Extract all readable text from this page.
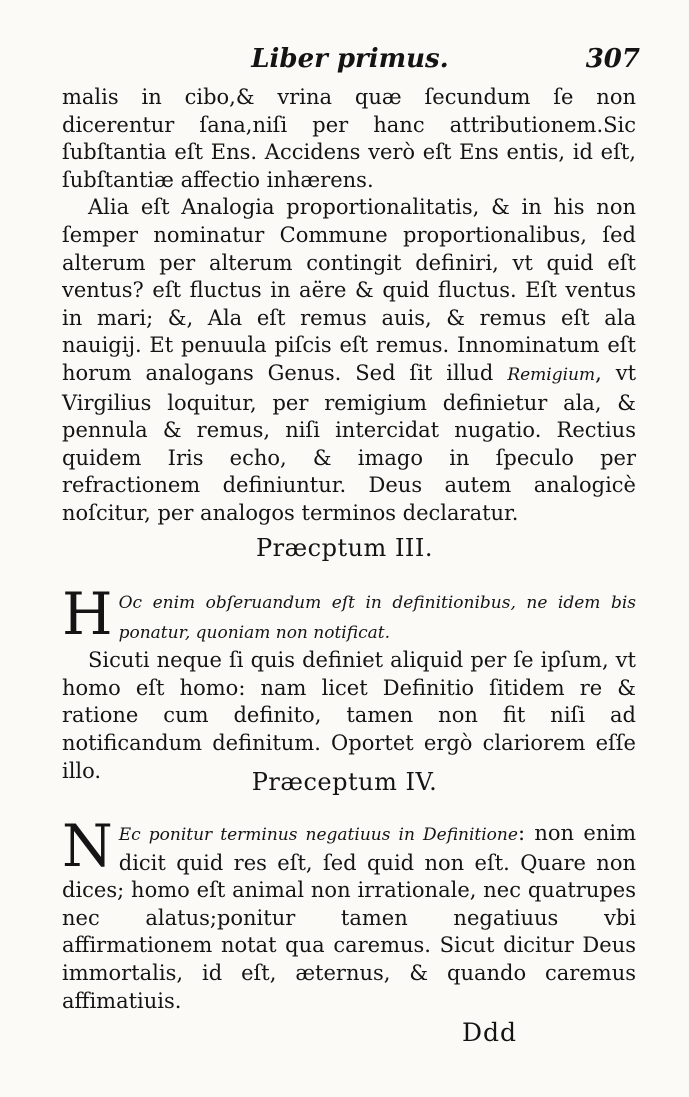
Liber primus.	307

malis in cibo,& vrina quæ ſecundum ſe non dicerentur ſana,niſi per hanc attributionem.Sic ſubſtantia eſt Ens. Accidens verò eſt Ens entis, id eſt, ſubſtantiæ affectio inhærens.

Alia eſt Analogia proportionalitatis, & in his non ſemper nominatur Commune proportionalibus, ſed alterum per alterum contingit definiri, vt quid eſt ventus? eſt fluctus in aëre & quid fluctus. Eſt ventus in mari; &, Ala eſt remus auis, & remus eſt ala nauigij. Et penuula piſcis eſt remus. Innominatum eſt horum analogans Genus. Sed ſit illud Remigium, vt Virgilius loquitur, per remigium definietur ala, & pennula & remus, niſi intercidat nugatio. Rectius quidem Iris echo, & imago in ſpeculo per refractionem definiuntur. Deus autem analogicè noſcitur, per analogos terminos declaratur.

Præcptum III.

H Oc enim obſeruandum eſt in definitionibus, ne idem bis ponatur, quoniam non notificat.

Sicuti neque ſi quis definiet aliquid per ſe ipſum, vt homo eſt homo: nam licet Definitio ſitidem re & ratione cum definito, tamen non fit niſi ad notificandum definitum. Oportet ergò clariorem eſſe illo.	Præceptum IV.

N Ec ponitur terminus negatiuus in Definitione: non enim dicit quid res eſt, ſed quid non eſt. Quare non dices; homo eſt animal non irrationale, nec quatrupes nec alatus;ponitur tamen negatiuus vbi affirmationem notat qua caremus. Sicut dicitur Deus immortalis, id eſt, æternus, & quando caremus affimatiuis.

Ddd
